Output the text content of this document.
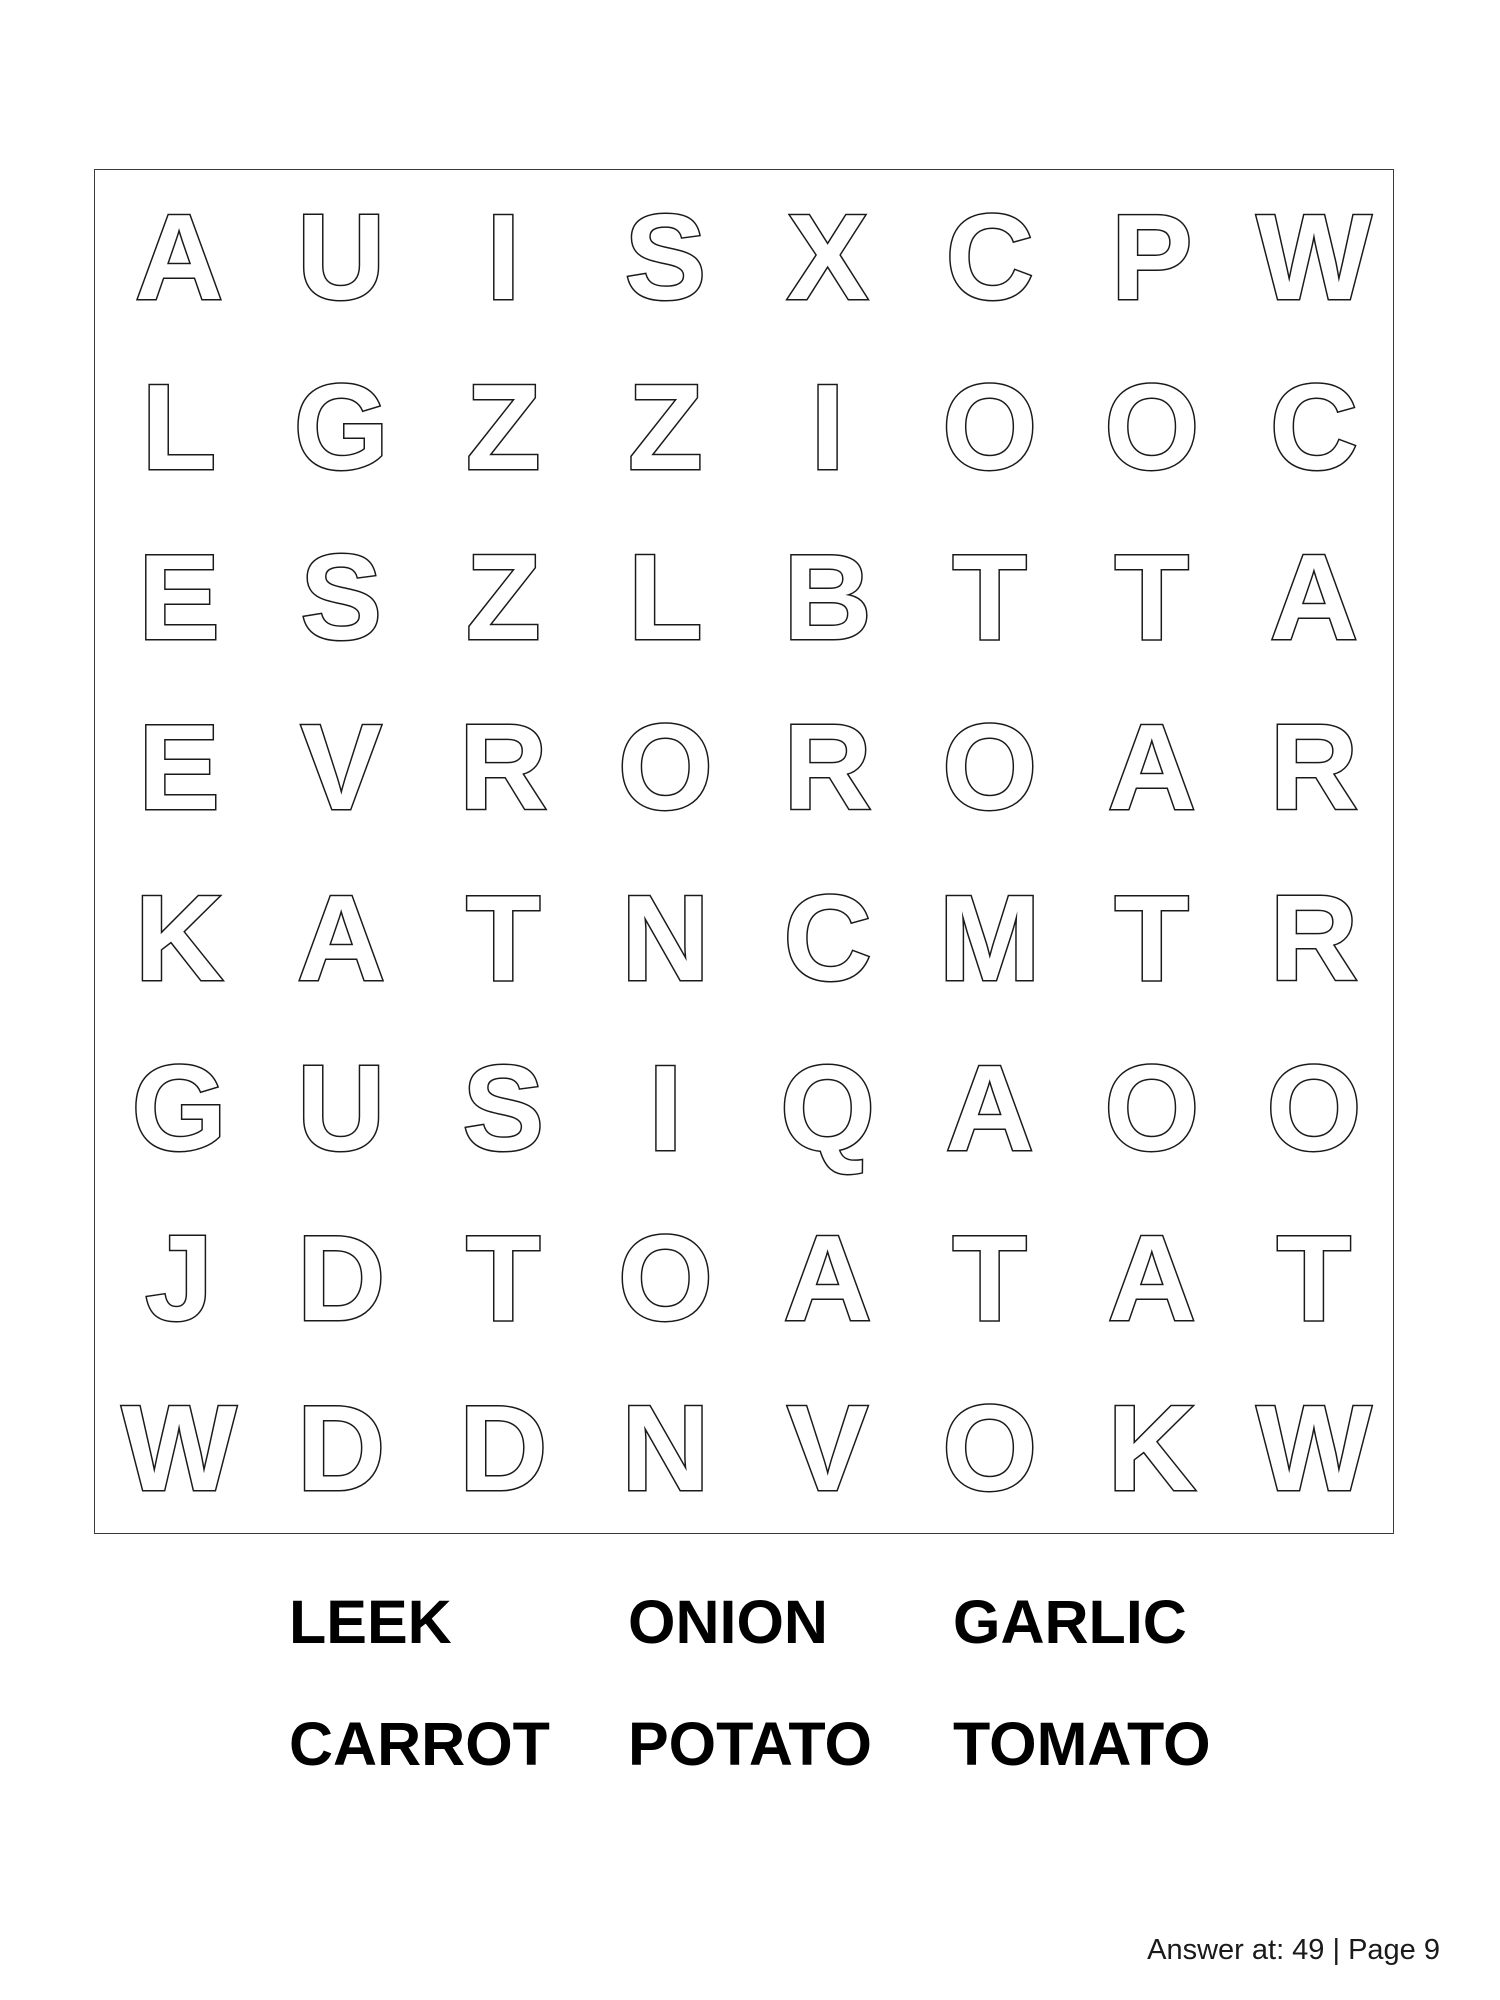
A U I S X C P W
L G Z Z I O O C
E S Z L B T T A
E V R O R O A R
K A T N C M T R
G U S I Q A O O
J D T O A T A T
W D D N V O K W
LEEK	ONION GARLIC
CARROT POTATO TOMATO
Answer at: 49 | Page 9
